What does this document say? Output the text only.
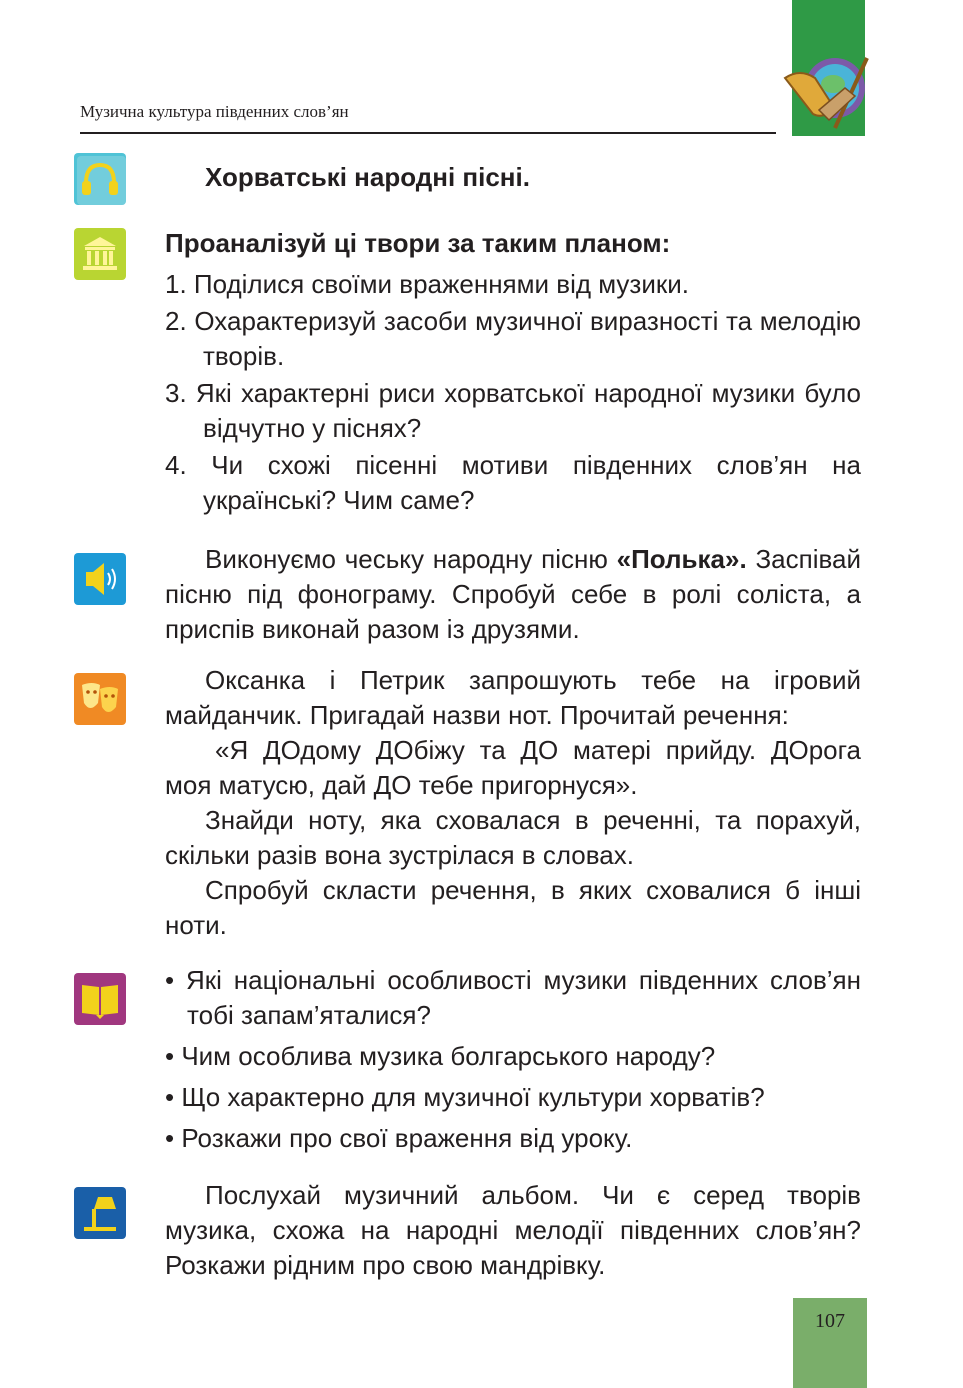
Музична культура південних слов’ян
Хорватські народні пісні.

Проаналізуй ці твори за таким планом:

1. Поділися своїми враженнями від музики.
2. Охарактеризуй засоби музичної виразності та мелодію творів.
3. Які характерні риси хорватської народної музики було відчутно у піснях?
4. Чи схожі пісенні мотиви південних слов’ян на українські? Чим саме?
Виконуємо чеську народну пісню «Полька». Заспівай пісню під фонограму. Спробуй себе в ролі соліста, а приспів виконай разом із друзями.

Оксанка і Петрик запрошують тебе на ігровий майданчик. Пригадай назви нот. Прочитай речення:

«Я ДОдому ДОбіжу та ДО матері прийду. ДОрога моя матусю, дай ДО тебе пригорнуся».

Знайди ноту, яка сховалася в реченні, та порахуй, скільки разів вона зустрілася в словах.

Спробуй скласти речення, в яких сховалися б інші ноти.

• Які національні особливості музики південних слов’ян тобі запам’яталися?
• Чим особлива музика болгарського народу?
• Що характерно для музичної культури хорватів?
• Розкажи про свої враження від уроку.
Послухай музичний альбом. Чи є серед творів музика, схожа на народні мелодії південних слов’ян? Розкажи рідним про свою мандрівку.
107
